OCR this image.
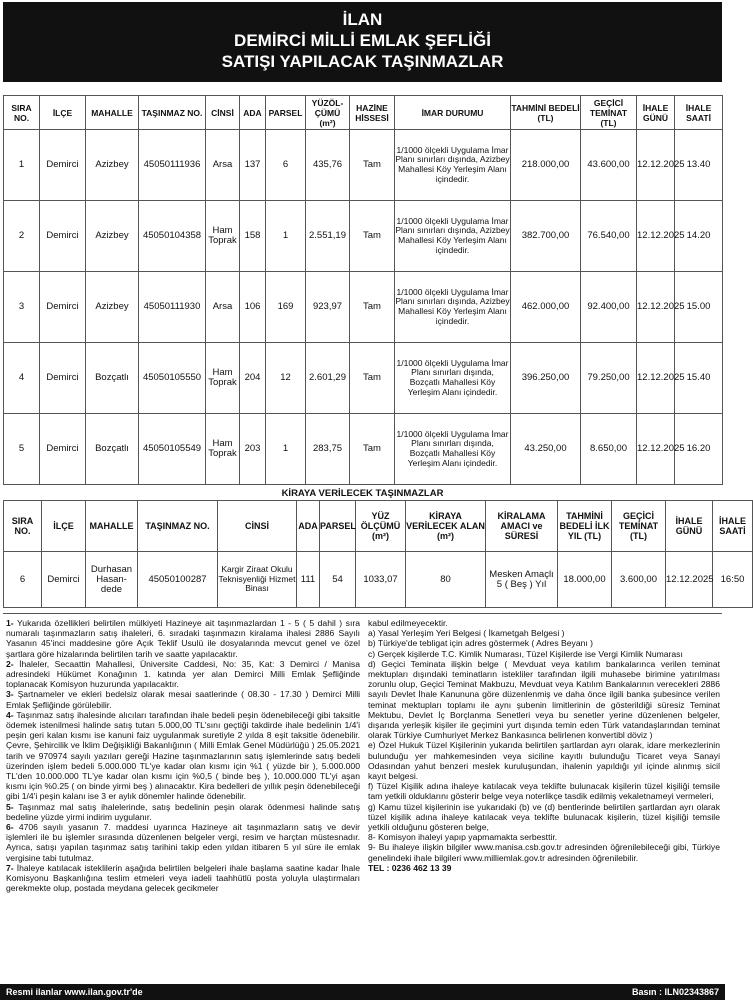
İLAN
DEMİRCİ MİLLİ EMLAK ŞEFLİĞİ
SATIŞI YAPILACAK TAŞINMAZLAR
SIRA NO.	İLÇE	MAHALLE	TAŞINMAZ NO.	CİNSİ	ADA	PARSEL	YÜZÖL-ÇÜMÜ (m²)	HAZİNE HİSSESİ	İMAR DURUMU	TAHMİNİ BEDELİ (TL)	GEÇİCİ TEMİNAT (TL)	İHALE GÜNÜ	İHALE SAATİ
1	Demirci	Azizbey	45050111936	Arsa	137	6	435,76	Tam	1/1000 ölçekli Uygulama İmar Planı sınırları dışında, Azizbey Mahallesi Köy Yerleşim Alanı içindedir.	218.000,00	43.600,00	12.12.2025	13.40
2	Demirci	Azizbey	45050104358	Ham Toprak	158	1	2.551,19	Tam	1/1000 ölçekli Uygulama İmar Planı sınırları dışında, Azizbey Mahallesi Köy Yerleşim Alanı içindedir.	382.700,00	76.540,00	12.12.2025	14.20
3	Demirci	Azizbey	45050111930	Arsa	106	169	923,97	Tam	1/1000 ölçekli Uygulama İmar Planı sınırları dışında, Azizbey Mahallesi Köy Yerleşim Alanı içindedir.	462.000,00	92.400,00	12.12.2025	15.00
4	Demirci	Bozçatlı	45050105550	Ham Toprak	204	12	2.601,29	Tam	1/1000 ölçekli Uygulama İmar Planı sınırları dışında, Bozçatlı Mahallesi Köy Yerleşim Alanı içindedir.	396.250,00	79.250,00	12.12.2025	15.40
5	Demirci	Bozçatlı	45050105549	Ham Toprak	203	1	283,75	Tam	1/1000 ölçekli Uygulama İmar Planı sınırları dışında, Bozçatlı Mahallesi Köy Yerleşim Alanı içindedir.	43.250,00	8.650,00	12.12.2025	16.20
KİRAYA VERİLECEK TAŞINMAZLAR
SIRA NO.	İLÇE	MAHALLE	TAŞINMAZ NO.	CİNSİ	ADA	PARSEL	YÜZ ÖLÇÜMÜ (m²)	KİRAYA VERİLECEK ALAN (m²)	KİRALAMA AMACI ve SÜRESİ	TAHMİNİ BEDELİ İLK YIL (TL)	GEÇİCİ TEMİNAT (TL)	İHALE GÜNÜ	İHALE SAATİ
6	Demirci	Durhasan Hasan-dede	45050100287	Kargir Ziraat Okulu Teknisyenliği Hizmet Binası	111	54	1033,07	80	Mesken Amaçlı 5 ( Beş ) Yıl	18.000,00	3.600,00	12.12.2025	16:50

1- Yukarıda özellikleri belirtilen mülkiyeti Hazineye ait taşınmazlardan 1 - 5 ( 5 dahil ) sıra numaralı taşınmazların satış ihaleleri, 6. sıradaki taşınmazın kiralama ihalesi 2886 Sayılı Yasanın 45'inci maddesine göre Açık Teklif Usulü ile dosyalarında mevcut genel ve özel şartlara göre hizalarında belirtilen tarih ve saatte yapılacaktır.

2- İhaleler, Secaattin Mahallesi, Üniversite Caddesi, No: 35, Kat: 3 Demirci / Manisa adresindeki Hükümet Konağının 1. katında yer alan Demirci Milli Emlak Şefliğinde toplanacak Komisyon huzurunda yapılacaktır.

3- Şartnameler ve ekleri bedelsiz olarak mesai saatlerinde ( 08.30 - 17.30 ) Demirci Milli Emlak Şefliğinde görülebilir.

4- Taşınmaz satış ihalesinde alıcıları tarafından ihale bedeli peşin ödenebileceği gibi taksitle ödemek istenilmesi halinde satış tutarı 5.000,00 TL'sını geçtiği takdirde ihale bedelinin 1/4'i peşin geri kalan kısmı ise kanuni faiz uygulanmak suretiyle 2 yılda 8 eşit taksitle ödenebilir. Çevre, Şehircilik ve İklim Değişikliği Bakanlığının ( Milli Emlak Genel Müdürlüğü ) 25.05.2021 tarih ve 970974 sayılı yazıları gereği Hazine taşınmazlarının satış işlemlerinde satış bedeli üzerinden işlem bedeli 5.000.000 TL'ye kadar olan kısmı için %1 ( yüzde bir ), 5.000.000 TL'den 10.000.000 TL'ye kadar olan kısmı için %0,5 ( binde beş ), 10.000.000 TL'yi aşan kısmı için %0.25 ( on binde yirmi beş ) alınacaktır. Kira bedelleri de yıllık peşin ödenebileceği gibi 1/4'i peşin kalanı ise 3 er aylık dönemler halinde ödenebilir.

5- Taşınmaz mal satış ihalelerinde, satış bedelinin peşin olarak ödenmesi halinde satış bedeline yüzde yirmi indirim uygulanır.

6- 4706 sayılı yasanın 7. maddesi uyarınca Hazineye ait taşınmazların satış ve devir işlemleri ile bu işlemler sırasında düzenlenen belgeler vergi, resim ve harçtan müstesnadır. Ayrıca, satışı yapılan taşınmaz satış tarihini takip eden yıldan itibaren 5 yıl süre ile emlak vergisine tabi tutulmaz.

7- İhaleye katılacak isteklilerin aşağıda belirtilen belgeleri ihale başlama saatine kadar İhale Komisyonu Başkanlığına teslim etmeleri veya iadeli taahhütlü posta yoluyla ulaştırmaları gerekmekte olup, postada meydana gelecek gecikmeler

kabul edilmeyecektir.

a) Yasal Yerleşim Yeri Belgesi ( İkametgah Belgesi )

b) Türkiye'de tebligat için adres göstermek ( Adres Beyanı )

c) Gerçek kişilerde T.C. Kimlik Numarası, Tüzel Kişilerde ise Vergi Kimlik Numarası

d) Geçici Teminata ilişkin belge ( Mevduat veya katılım bankalarınca verilen teminat mektupları dışındaki teminatların istekliler tarafından ilgili muhasebe birimine yatırılması zorunlu olup, Geçici Teminat Makbuzu, Mevduat veya Katılım Bankalarının verecekleri 2886 sayılı Devlet İhale Kanununa göre düzenlenmiş ve daha önce ilgili banka şubesince verilen teminat mektupları toplamı ile aynı şubenin limitlerinin de gösterildiği süresiz Teminat Mektubu, Devlet İç Borçlanma Senetleri veya bu senetler yerine düzenlenen belgeler, dışarıda yerleşik kişiler ile geçimini yurt dışında temin eden Türk vatandaşlarından teminat olarak Türkiye Cumhuriyet Merkez Bankasınca belirlenen konvertibl döviz )

e) Özel Hukuk Tüzel Kişilerinin yukarıda belirtilen şartlardan ayrı olarak, idare merkezlerinin bulunduğu yer mahkemesinden veya siciline kayıtlı bulunduğu Ticaret veya Sanayi Odasından yahut benzeri meslek kuruluşundan, ihalenin yapıldığı yıl içinde alınmış sicil kayıt belgesi.

f) Tüzel Kişilik adına ihaleye katılacak veya teklifte bulunacak kişilerin tüzel kişiliği temsile tam yetkili olduklarını gösterir belge veya noterlikçe tasdik edilmiş vekaletnameyi vermeleri,

g) Kamu tüzel kişilerinin ise yukarıdaki (b) ve (d) bentlerinde belirtilen şartlardan ayrı olarak tüzel kişilik adına ihaleye katılacak veya teklifte bulunacak kişilerin, tüzel kişiliği temsile yetkili olduğunu gösteren belge,

8- Komisyon ihaleyi yapıp yapmamakta serbesttir.

9- Bu ihaleye ilişkin bilgiler www.manisa.csb.gov.tr adresinden öğrenilebileceği gibi, Türkiye genelindeki ihale bilgileri www.milliemlak.gov.tr adresinden öğrenilebilir.

TEL : 0236 462 13 39

Resmi ilanlar www.ilan.gov.tr'de	Basın : ILN02343867
